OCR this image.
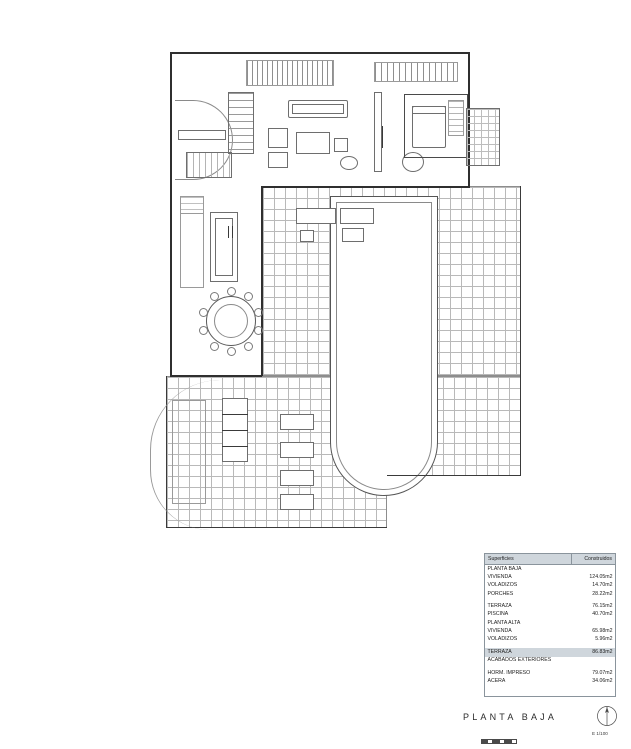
Superficies	Construidos
PLANTA BAJA	
VIVIENDA	124.05m2
VOLADIZOS	14.70m2
PORCHES	28.22m2

TERRAZA	76.15m2
PISCINA	40.70m2
PLANTA ALTA	
VIVIENDA	65.98m2
VOLADIZOS	5.96m2

TERRAZA	86.83m2
ACABADOS EXTERIORES	

HORM. IMPRESO	79.07m2
ACERA	34.06m2
PLANTA BAJA
E 1/100
